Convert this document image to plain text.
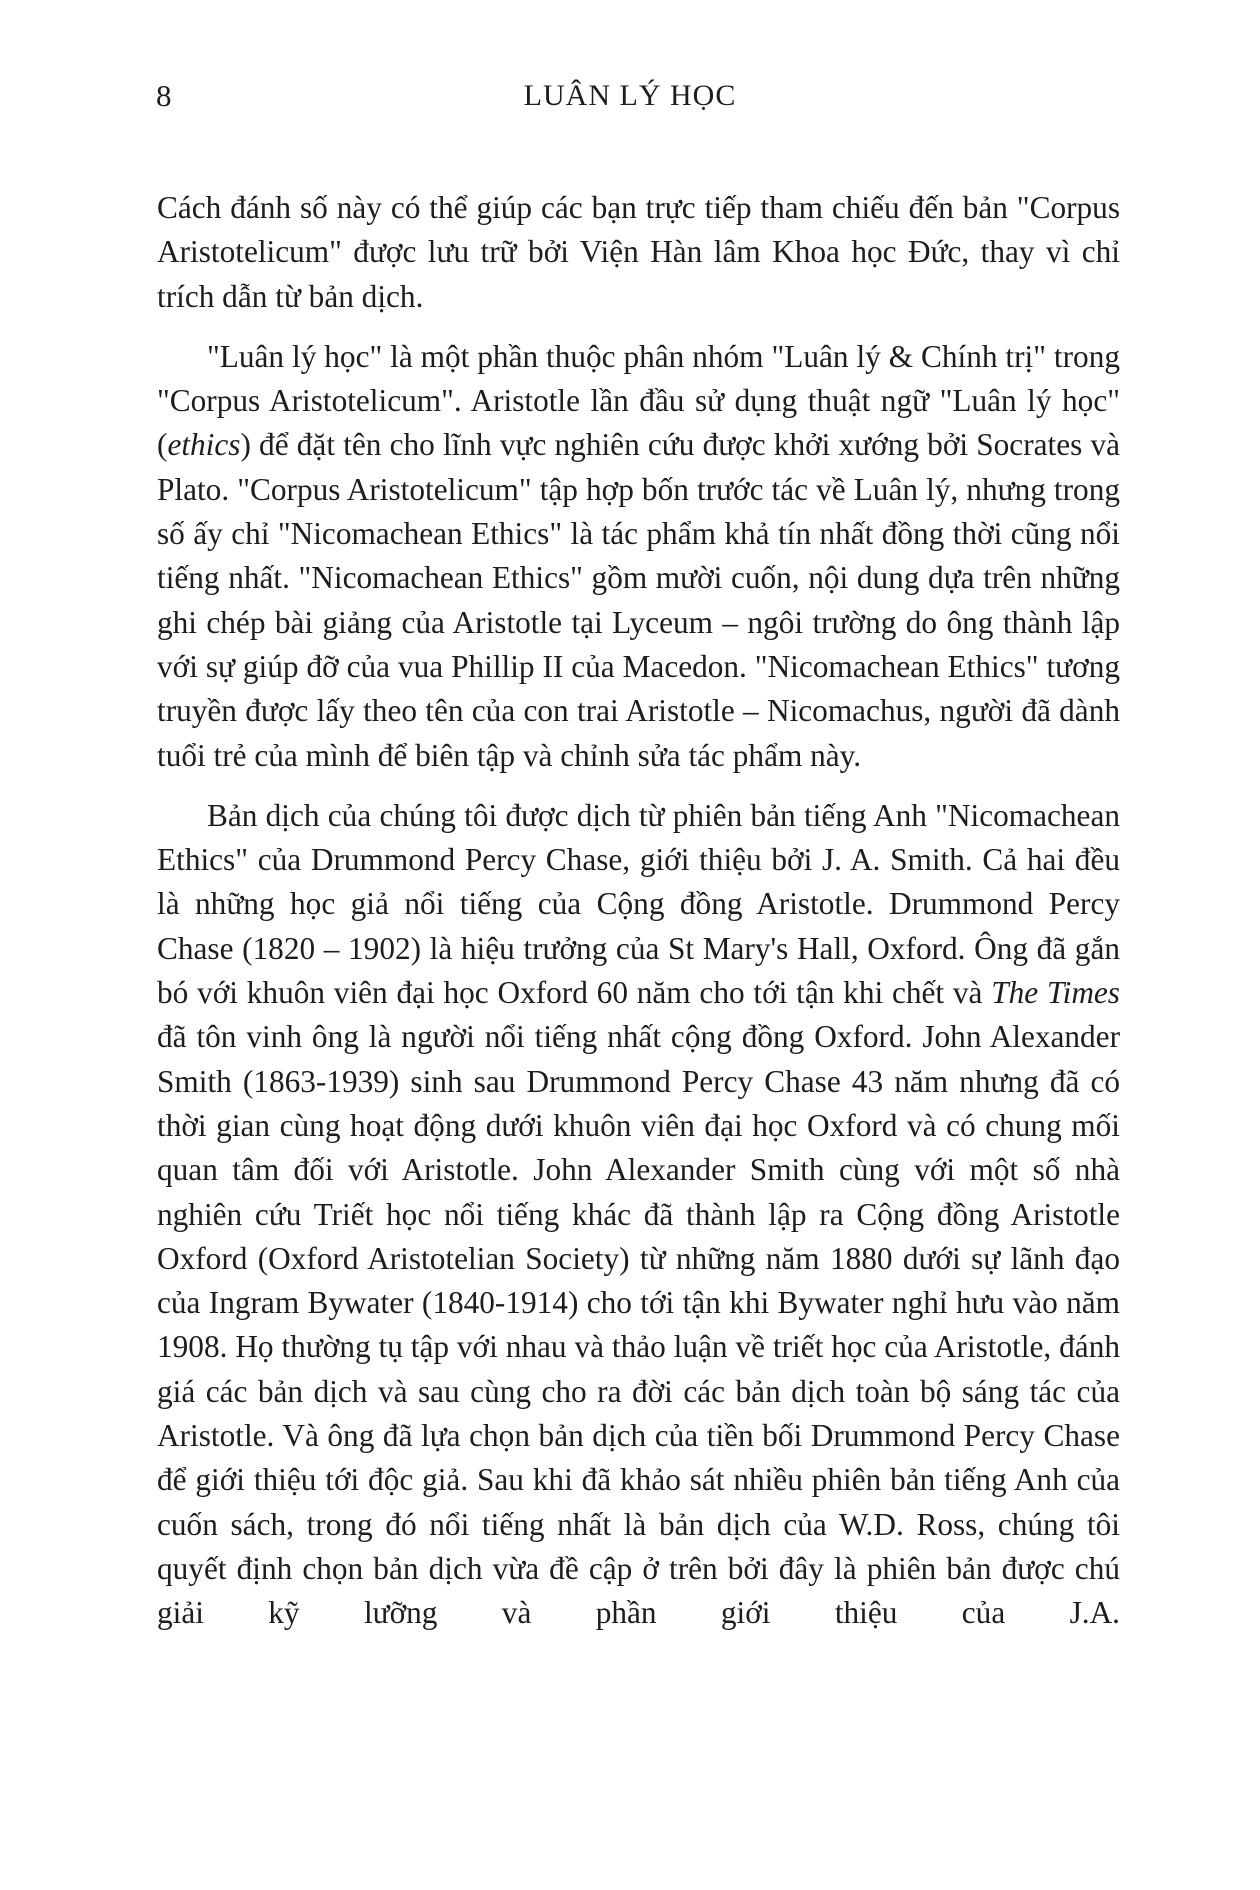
8	LUÂN LÝ HỌC

Cách đánh số này có thể giúp các bạn trực tiếp tham chiếu đến bản "Corpus Aristotelicum" được lưu trữ bởi Viện Hàn lâm Khoa học Đức, thay vì chỉ trích dẫn từ bản dịch.

"Luân lý học" là một phần thuộc phân nhóm "Luân lý & Chính trị" trong "Corpus Aristotelicum". Aristotle lần đầu sử dụng thuật ngữ "Luân lý học" (ethics) để đặt tên cho lĩnh vực nghiên cứu được khởi xướng bởi Socrates và Plato. "Corpus Aristotelicum" tập hợp bốn trước tác về Luân lý, nhưng trong số ấy chỉ "Nicomachean Ethics" là tác phẩm khả tín nhất đồng thời cũng nổi tiếng nhất. "Nicomachean Ethics" gồm mười cuốn, nội dung dựa trên những ghi chép bài giảng của Aristotle tại Lyceum – ngôi trường do ông thành lập với sự giúp đỡ của vua Phillip II của Macedon. "Nicomachean Ethics" tương truyền được lấy theo tên của con trai Aristotle – Nicomachus, người đã dành tuổi trẻ của mình để biên tập và chỉnh sửa tác phẩm này.

Bản dịch của chúng tôi được dịch từ phiên bản tiếng Anh "Nicomachean Ethics" của Drummond Percy Chase, giới thiệu bởi J. A. Smith. Cả hai đều là những học giả nổi tiếng của Cộng đồng Aristotle. Drummond Percy Chase (1820 – 1902) là hiệu trưởng của St Mary's Hall, Oxford. Ông đã gắn bó với khuôn viên đại học Oxford 60 năm cho tới tận khi chết và The Times đã tôn vinh ông là người nổi tiếng nhất cộng đồng Oxford. John Alexander Smith (1863-1939) sinh sau Drummond Percy Chase 43 năm nhưng đã có thời gian cùng hoạt động dưới khuôn viên đại học Oxford và có chung mối quan tâm đối với Aristotle. John Alexander Smith cùng với một số nhà nghiên cứu Triết học nổi tiếng khác đã thành lập ra Cộng đồng Aristotle Oxford (Oxford Aristotelian Society) từ những năm 1880 dưới sự lãnh đạo của Ingram Bywater (1840-1914) cho tới tận khi Bywater nghỉ hưu vào năm 1908. Họ thường tụ tập với nhau và thảo luận về triết học của Aristotle, đánh giá các bản dịch và sau cùng cho ra đời các bản dịch toàn bộ sáng tác của Aristotle. Và ông đã lựa chọn bản dịch của tiền bối Drummond Percy Chase để giới thiệu tới độc giả. Sau khi đã khảo sát nhiều phiên bản tiếng Anh của cuốn sách, trong đó nổi tiếng nhất là bản dịch của W.D. Ross, chúng tôi quyết định chọn bản dịch vừa đề cập ở trên bởi đây là phiên bản được chú giải kỹ lưỡng và phần giới thiệu của J.A.
